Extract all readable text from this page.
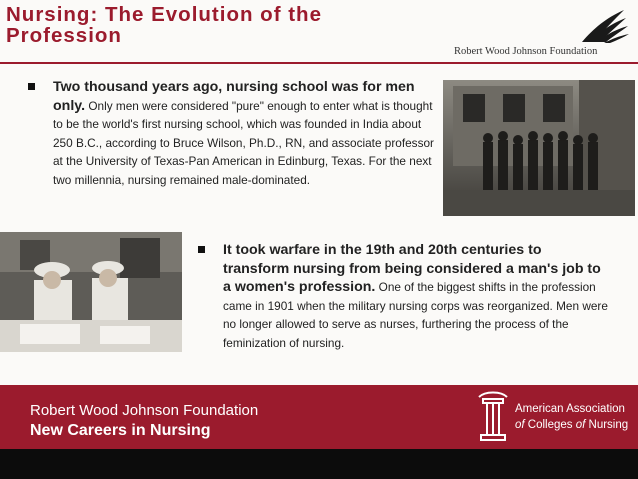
Nursing: The Evolution of the
Profession
Robert Wood Johnson Foundation
Two thousand years ago, nursing school was for men only. Only men were considered "pure" enough to enter what is thought to be the world's first nursing school, which was founded in India about 250 B.C., according to Bruce Wilson, Ph.D., RN, and associate professor at the University of Texas-Pan American in Edinburg, Texas. For the next two millennia, nursing remained male-dominated.
It took warfare in the 19th and 20th centuries to transform nursing from being considered a man's job to a women's profession. One of the biggest shifts in the profession came in 1901 when the military nursing corps was reorganized. Men were no longer allowed to serve as nurses, furthering the process of the feminization of nursing.
Robert Wood Johnson Foundation
New Careers in Nursing
American Association
of Colleges of Nursing
